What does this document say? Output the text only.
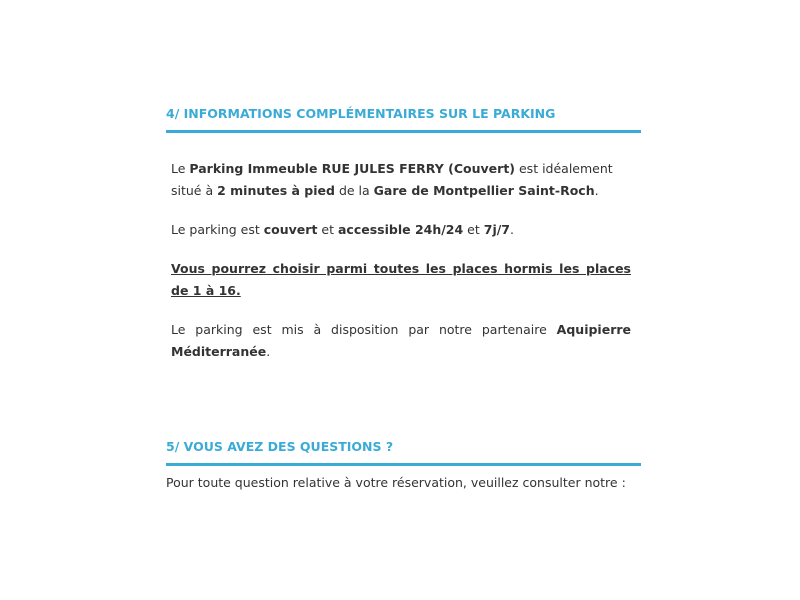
4/ INFORMATIONS COMPLÉMENTAIRES SUR LE PARKING

Le Parking Immeuble RUE JULES FERRY (Couvert) est idéalement situé à 2 minutes à pied de la Gare de Montpellier Saint-Roch.

Le parking est couvert et accessible 24h/24 et 7j/7.

Vous pourrez choisir parmi toutes les places hormis les places de 1 à 16.

Le parking est mis à disposition par notre partenaire Aquipierre Méditerranée.

5/ VOUS AVEZ DES QUESTIONS ?

Pour toute question relative à votre réservation, veuillez consulter notre :
